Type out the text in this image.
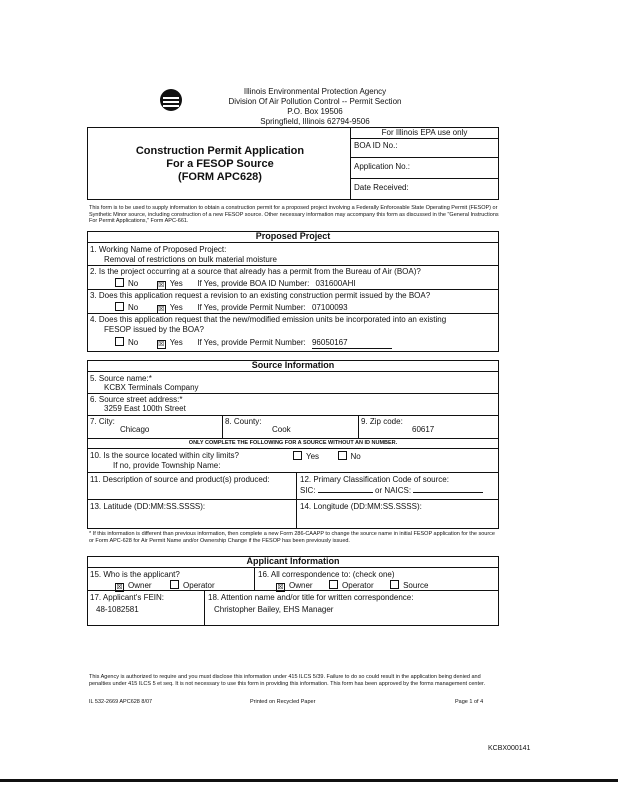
Illinois Environmental Protection Agency
Division Of Air Pollution Control -- Permit Section
P.O. Box 19506
Springfield, Illinois 62794-9506
Construction Permit Application
For a FESOP Source
(FORM APC628)
For Illinois EPA use only
BOA ID No.:
Application No.:
Date Received:
This form is to be used to supply information to obtain a construction permit for a proposed project involving a Federally Enforceable State Operating Permit (FESOP) or Synthetic Minor source, including construction of a new FESOP source. Other necessary information may accompany this form as discussed in the "General Instructions For Permit Applications," Form APC-661.
Proposed Project
1. Working Name of Proposed Project:
Removal of restrictions on bulk material moisture
2. Is the project occurring at a source that already has a permit from the Bureau of Air (BOA)?
No	☒ Yes If Yes, provide BOA ID Number: 031600AHI
3. Does this application request a revision to an existing construction permit issued by the BOA?
No	☒ Yes If Yes, provide Permit Number: 07100093
4. Does this application request that the new/modified emission units be incorporated into an existing
FESOP issued by the BOA?
No	☒ Yes If Yes, provide Permit Number: 96050167
Source Information
5. Source name:*
KCBX Terminals Company
6. Source street address:*
3259 East 100th Street
7. City:
Chicago
8. County:
Cook
9. Zip code:
60617
ONLY COMPLETE THE FOLLOWING FOR A SOURCE WITHOUT AN ID NUMBER.
10. Is the source located within city limits?	Yes	No
If no, provide Township Name:
11. Description of source and product(s) produced:	12. Primary Classification Code of source:
SIC:	or NAICS:
13. Latitude (DD:MM:SS.SSSS):	14. Longitude (DD:MM:SS.SSSS):
* If this information is different than previous information, then complete a new Form 286-CAAPP to change the source name in initial FESOP application for the source or Form APC-628 for Air Permit Name and/or Ownership Change if the FESOP has been previously issued.
Applicant Information
15. Who is the applicant?
☒ Owner	Operator
16. All correspondence to: (check one)
☒ Owner	Operator	Source
17. Applicant's FEIN:
48-1082581
18. Attention name and/or title for written correspondence:
Christopher Bailey, EHS Manager
This Agency is authorized to require and you must disclose this information under 415 ILCS 5/39. Failure to do so could result in the application being denied and penalties under 415 ILCS 5 et seq. It is not necessary to use this form in providing this information. This form has been approved by the forms management center.
IL 532-2669 APC628 8/07	Printed on Recycled Paper	Page 1 of 4
KCBX000141
